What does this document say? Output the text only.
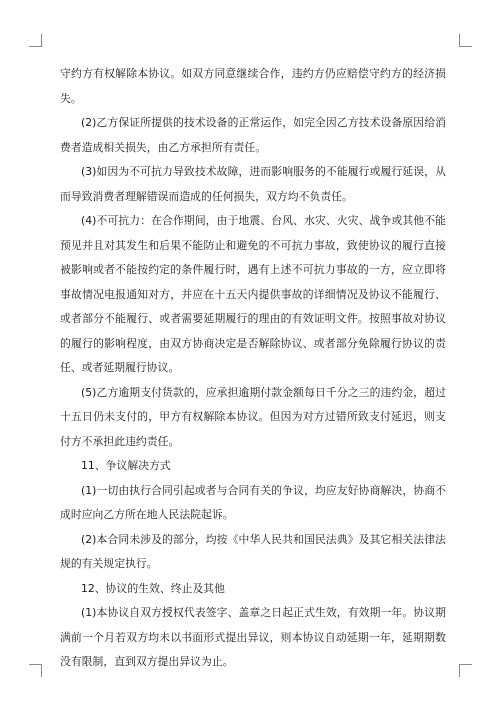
守约方有权解除本协议。如双方同意继续合作，违约方仍应赔偿守约方的经济损失。

(2)乙方保证所提供的技术设备的正常运作，如完全因乙方技术设备原因给消费者造成相关损失，由乙方承担所有责任。

(3)如因为不可抗力导致技术故障，进而影响服务的不能履行或履行延误，从而导致消费者理解错误而造成的任何损失，双方均不负责任。

(4)不可抗力：在合作期间，由于地震、台风、水灾、火灾、战争或其他不能预见并且对其发生和后果不能防止和避免的不可抗力事故，致使协议的履行直接被影响或者不能按约定的条件履行时，遇有上述不可抗力事故的一方，应立即将事故情况电报通知对方，并应在十五天内提供事故的详细情况及协议不能履行、或者部分不能履行、或者需要延期履行的理由的有效证明文件。按照事故对协议的履行的影响程度，由双方协商决定是否解除协议、或者部分免除履行协议的责任、或者延期履行协议。

(5)乙方逾期支付货款的，应承担逾期付款金额每日千分之三的违约金，超过十五日仍未支付的，甲方有权解除本协议。但因为对方过错所致支付延迟，则支付方不承担此违约责任。

11、争议解决方式

(1)一切由执行合同引起或者与合同有关的争议，均应友好协商解决，协商不成时应向乙方所在地人民法院起诉。

(2)本合同未涉及的部分，均按《中华人民共和国民法典》及其它相关法律法规的有关规定执行。

12、协议的生效、终止及其他

(1)本协议自双方授权代表签字、盖章之日起正式生效，有效期一年。协议期满前一个月若双方均未以书面形式提出异议，则本协议自动延期一年，延期期数没有限制，直到双方提出异议为止。
